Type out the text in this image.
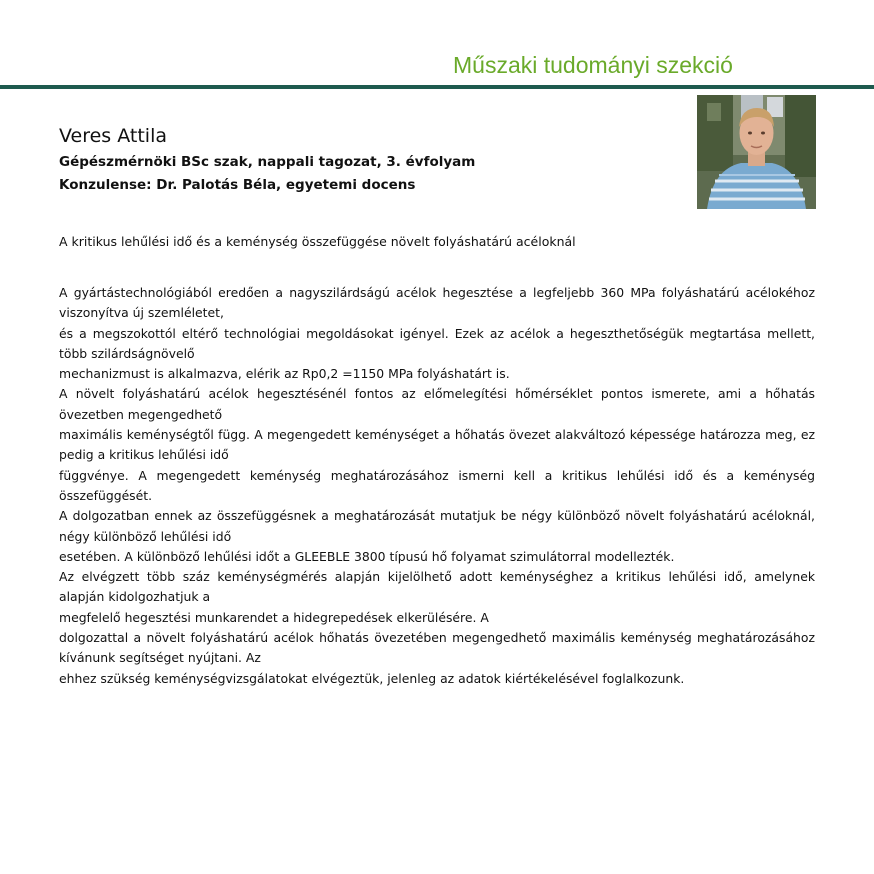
Műszaki tudományi szekció
Veres Attila
Gépészmérnöki BSc szak, nappali tagozat, 3. évfolyam
Konzulense: Dr. Palotás Béla, egyetemi docens
A kritikus lehűlési idő és a keménység összefüggése növelt folyáshatárú acéloknál

A gyártástechnológiából eredően a nagyszilárdságú acélok hegesztése a legfeljebb 360 MPa folyáshatárú acélokéhoz viszonyítva új szemléletet,

és a megszokottól eltérő technológiai megoldásokat igényel. Ezek az acélok a hegeszthetőségük megtartása mellett, több szilárdságnövelő

mechanizmust is alkalmazva, elérik az Rp0,2 =1150 MPa folyáshatárt is.

A növelt folyáshatárú acélok hegesztésénél fontos az előmelegítési hőmérséklet pontos ismerete, ami a hőhatás övezetben megengedhető

maximális keménységtől függ. A megengedett keménységet a hőhatás övezet alakváltozó képessége határozza meg, ez pedig a kritikus lehűlési idő

függvénye. A megengedett keménység meghatározásához ismerni kell a kritikus lehűlési idő és a keménység összefüggését.

A dolgozatban ennek az összefüggésnek a meghatározását mutatjuk be négy különböző növelt folyáshatárú acéloknál, négy különböző lehűlési idő

esetében. A különböző lehűlési időt a GLEEBLE 3800 típusú hő folyamat szimulátorral modellezték.

Az elvégzett több száz keménységmérés alapján kijelölhető adott keménységhez a kritikus lehűlési idő, amelynek alapján kidolgozhatjuk a

megfelelő hegesztési munkarendet a hidegrepedések elkerülésére. A

dolgozattal a növelt folyáshatárú acélok hőhatás övezetében megengedhető maximális keménység meghatározásához kívánunk segítséget nyújtani. Az

ehhez szükség keménységvizsgálatokat elvégeztük, jelenleg az adatok kiértékelésével foglalkozunk.
